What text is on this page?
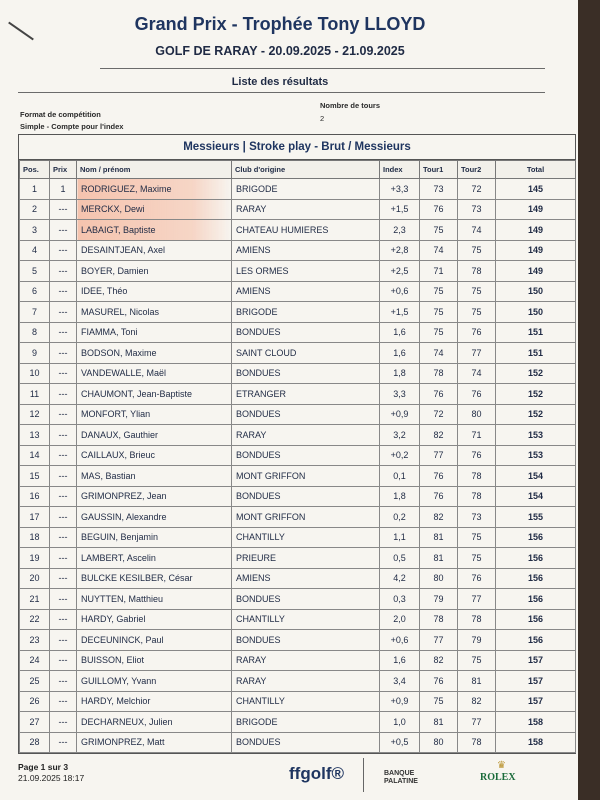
Grand Prix - Trophée Tony LLOYD
GOLF DE RARAY - 20.09.2025 - 21.09.2025
Liste des résultats
Format de compétition
Simple - Compte pour l'index
Nombre de tours
2
Messieurs | Stroke play - Brut / Messieurs
Pos.	Prix	Nom / prénom	Club d'origine	Index	Tour1	Tour2	Total
1	1	RODRIGUEZ, Maxime	BRIGODE	+3,3	73	72	145
2	---	MERCKX, Dewi	RARAY	+1,5	76	73	149
3	---	LABAIGT, Baptiste	CHATEAU HUMIERES	2,3	75	74	149
4	---	DESAINTJEAN, Axel	AMIENS	+2,8	74	75	149
5	---	BOYER, Damien	LES ORMES	+2,5	71	78	149
6	---	IDEE, Théo	AMIENS	+0,6	75	75	150
7	---	MASUREL, Nicolas	BRIGODE	+1,5	75	75	150
8	---	FIAMMA, Toni	BONDUES	1,6	75	76	151
9	---	BODSON, Maxime	SAINT CLOUD	1,6	74	77	151
10	---	VANDEWALLE, Maël	BONDUES	1,8	78	74	152
11	---	CHAUMONT, Jean-Baptiste	ETRANGER	3,3	76	76	152
12	---	MONFORT, Ylian	BONDUES	+0,9	72	80	152
13	---	DANAUX, Gauthier	RARAY	3,2	82	71	153
14	---	CAILLAUX, Brieuc	BONDUES	+0,2	77	76	153
15	---	MAS, Bastian	MONT GRIFFON	0,1	76	78	154
16	---	GRIMONPREZ, Jean	BONDUES	1,8	76	78	154
17	---	GAUSSIN, Alexandre	MONT GRIFFON	0,2	82	73	155
18	---	BEGUIN, Benjamin	CHANTILLY	1,1	81	75	156
19	---	LAMBERT, Ascelin	PRIEURE	0,5	81	75	156
20	---	BULCKE KESILBER, César	AMIENS	4,2	80	76	156
21	---	NUYTTEN, Matthieu	BONDUES	0,3	79	77	156
22	---	HARDY, Gabriel	CHANTILLY	2,0	78	78	156
23	---	DECEUNINCK, Paul	BONDUES	+0,6	77	79	156
24	---	BUISSON, Eliot	RARAY	1,6	82	75	157
25	---	GUILLOMY, Yvann	RARAY	3,4	76	81	157
26	---	HARDY, Melchior	CHANTILLY	+0,9	75	82	157
27	---	DECHARNEUX, Julien	BRIGODE	1,0	81	77	158
28	---	GRIMONPREZ, Matt	BONDUES	+0,5	80	78	158
Page 1 sur 3
21.09.2025 18:17	ffgolf®	BANQUE PALATINE
♛
ROLEX
